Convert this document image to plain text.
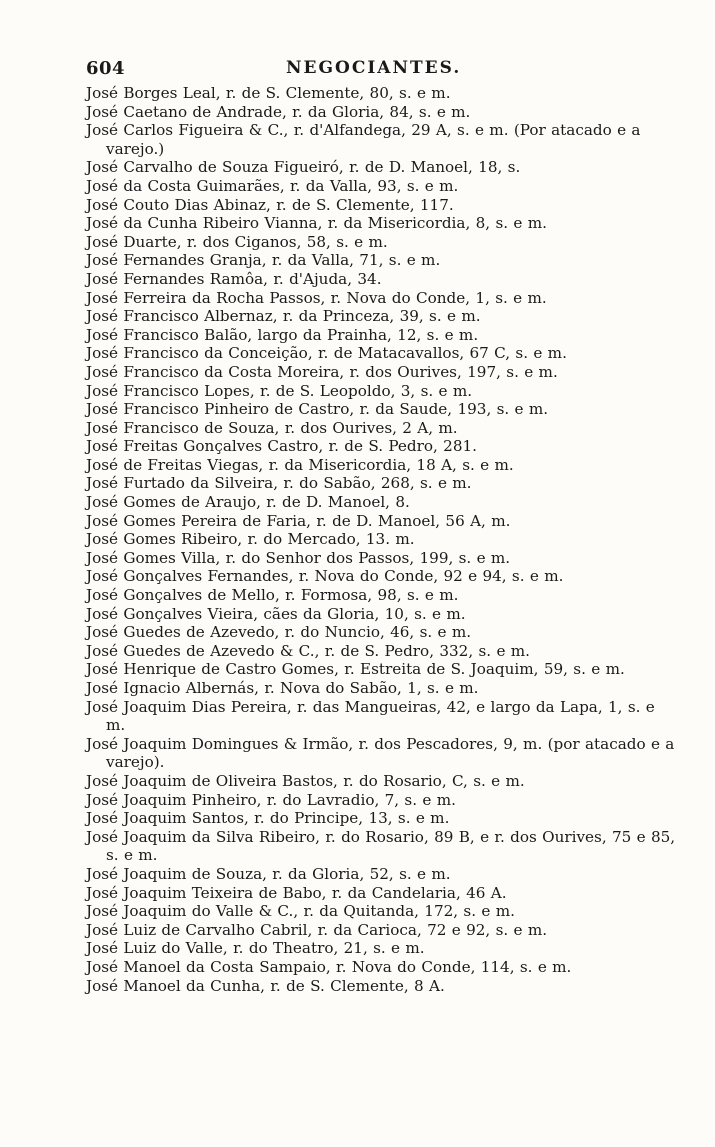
604	NEGOCIANTES.
José Borges Leal, r. de S. Clemente, 80, s. e m.
José Caetano de Andrade, r. da Gloria, 84, s. e m.
José Carlos Figueira & C., r. d'Alfandega, 29 A, s. e m. (Por atacado e a varejo.)
José Carvalho de Souza Figueiró, r. de D. Manoel, 18, s.
José da Costa Guimarães, r. da Valla, 93, s. e m.
José Couto Dias Abinaz, r. de S. Clemente, 117.
José da Cunha Ribeiro Vianna, r. da Misericordia, 8, s. e m.
José Duarte, r. dos Ciganos, 58, s. e m.
José Fernandes Granja, r. da Valla, 71, s. e m.
José Fernandes Ramôa, r. d'Ajuda, 34.
José Ferreira da Rocha Passos, r. Nova do Conde, 1, s. e m.
José Francisco Albernaz, r. da Princeza, 39, s. e m.
José Francisco Balão, largo da Prainha, 12, s. e m.
José Francisco da Conceição, r. de Matacavallos, 67 C, s. e m.
José Francisco da Costa Moreira, r. dos Ourives, 197, s. e m.
José Francisco Lopes, r. de S. Leopoldo, 3, s. e m.
José Francisco Pinheiro de Castro, r. da Saude, 193, s. e m.
José Francisco de Souza, r. dos Ourives, 2 A, m.
José Freitas Gonçalves Castro, r. de S. Pedro, 281.
José de Freitas Viegas, r. da Misericordia, 18 A, s. e m.
José Furtado da Silveira, r. do Sabão, 268, s. e m.
José Gomes de Araujo, r. de D. Manoel, 8.
José Gomes Pereira de Faria, r. de D. Manoel, 56 A, m.
José Gomes Ribeiro, r. do Mercado, 13. m.
José Gomes Villa, r. do Senhor dos Passos, 199, s. e m.
José Gonçalves Fernandes, r. Nova do Conde, 92 e 94, s. e m.
José Gonçalves de Mello, r. Formosa, 98, s. e m.
José Gonçalves Vieira, cães da Gloria, 10, s. e m.
José Guedes de Azevedo, r. do Nuncio, 46, s. e m.
José Guedes de Azevedo & C., r. de S. Pedro, 332, s. e m.
José Henrique de Castro Gomes, r. Estreita de S. Joaquim, 59, s. e m.
José Ignacio Albernás, r. Nova do Sabão, 1, s. e m.
José Joaquim Dias Pereira, r. das Mangueiras, 42, e largo da Lapa, 1, s. e m.
José Joaquim Domingues & Irmão, r. dos Pescadores, 9, m. (por atacado e a varejo).
José Joaquim de Oliveira Bastos, r. do Rosario, C, s. e m.
José Joaquim Pinheiro, r. do Lavradio, 7, s. e m.
José Joaquim Santos, r. do Principe, 13, s. e m.
José Joaquim da Silva Ribeiro, r. do Rosario, 89 B, e r. dos Ourives, 75 e 85, s. e m.
José Joaquim de Souza, r. da Gloria, 52, s. e m.
José Joaquim Teixeira de Babo, r. da Candelaria, 46 A.
José Joaquim do Valle & C., r. da Quitanda, 172, s. e m.
José Luiz de Carvalho Cabril, r. da Carioca, 72 e 92, s. e m.
José Luiz do Valle, r. do Theatro, 21, s. e m.
José Manoel da Costa Sampaio, r. Nova do Conde, 114, s. e m.
José Manoel da Cunha, r. de S. Clemente, 8 A.
